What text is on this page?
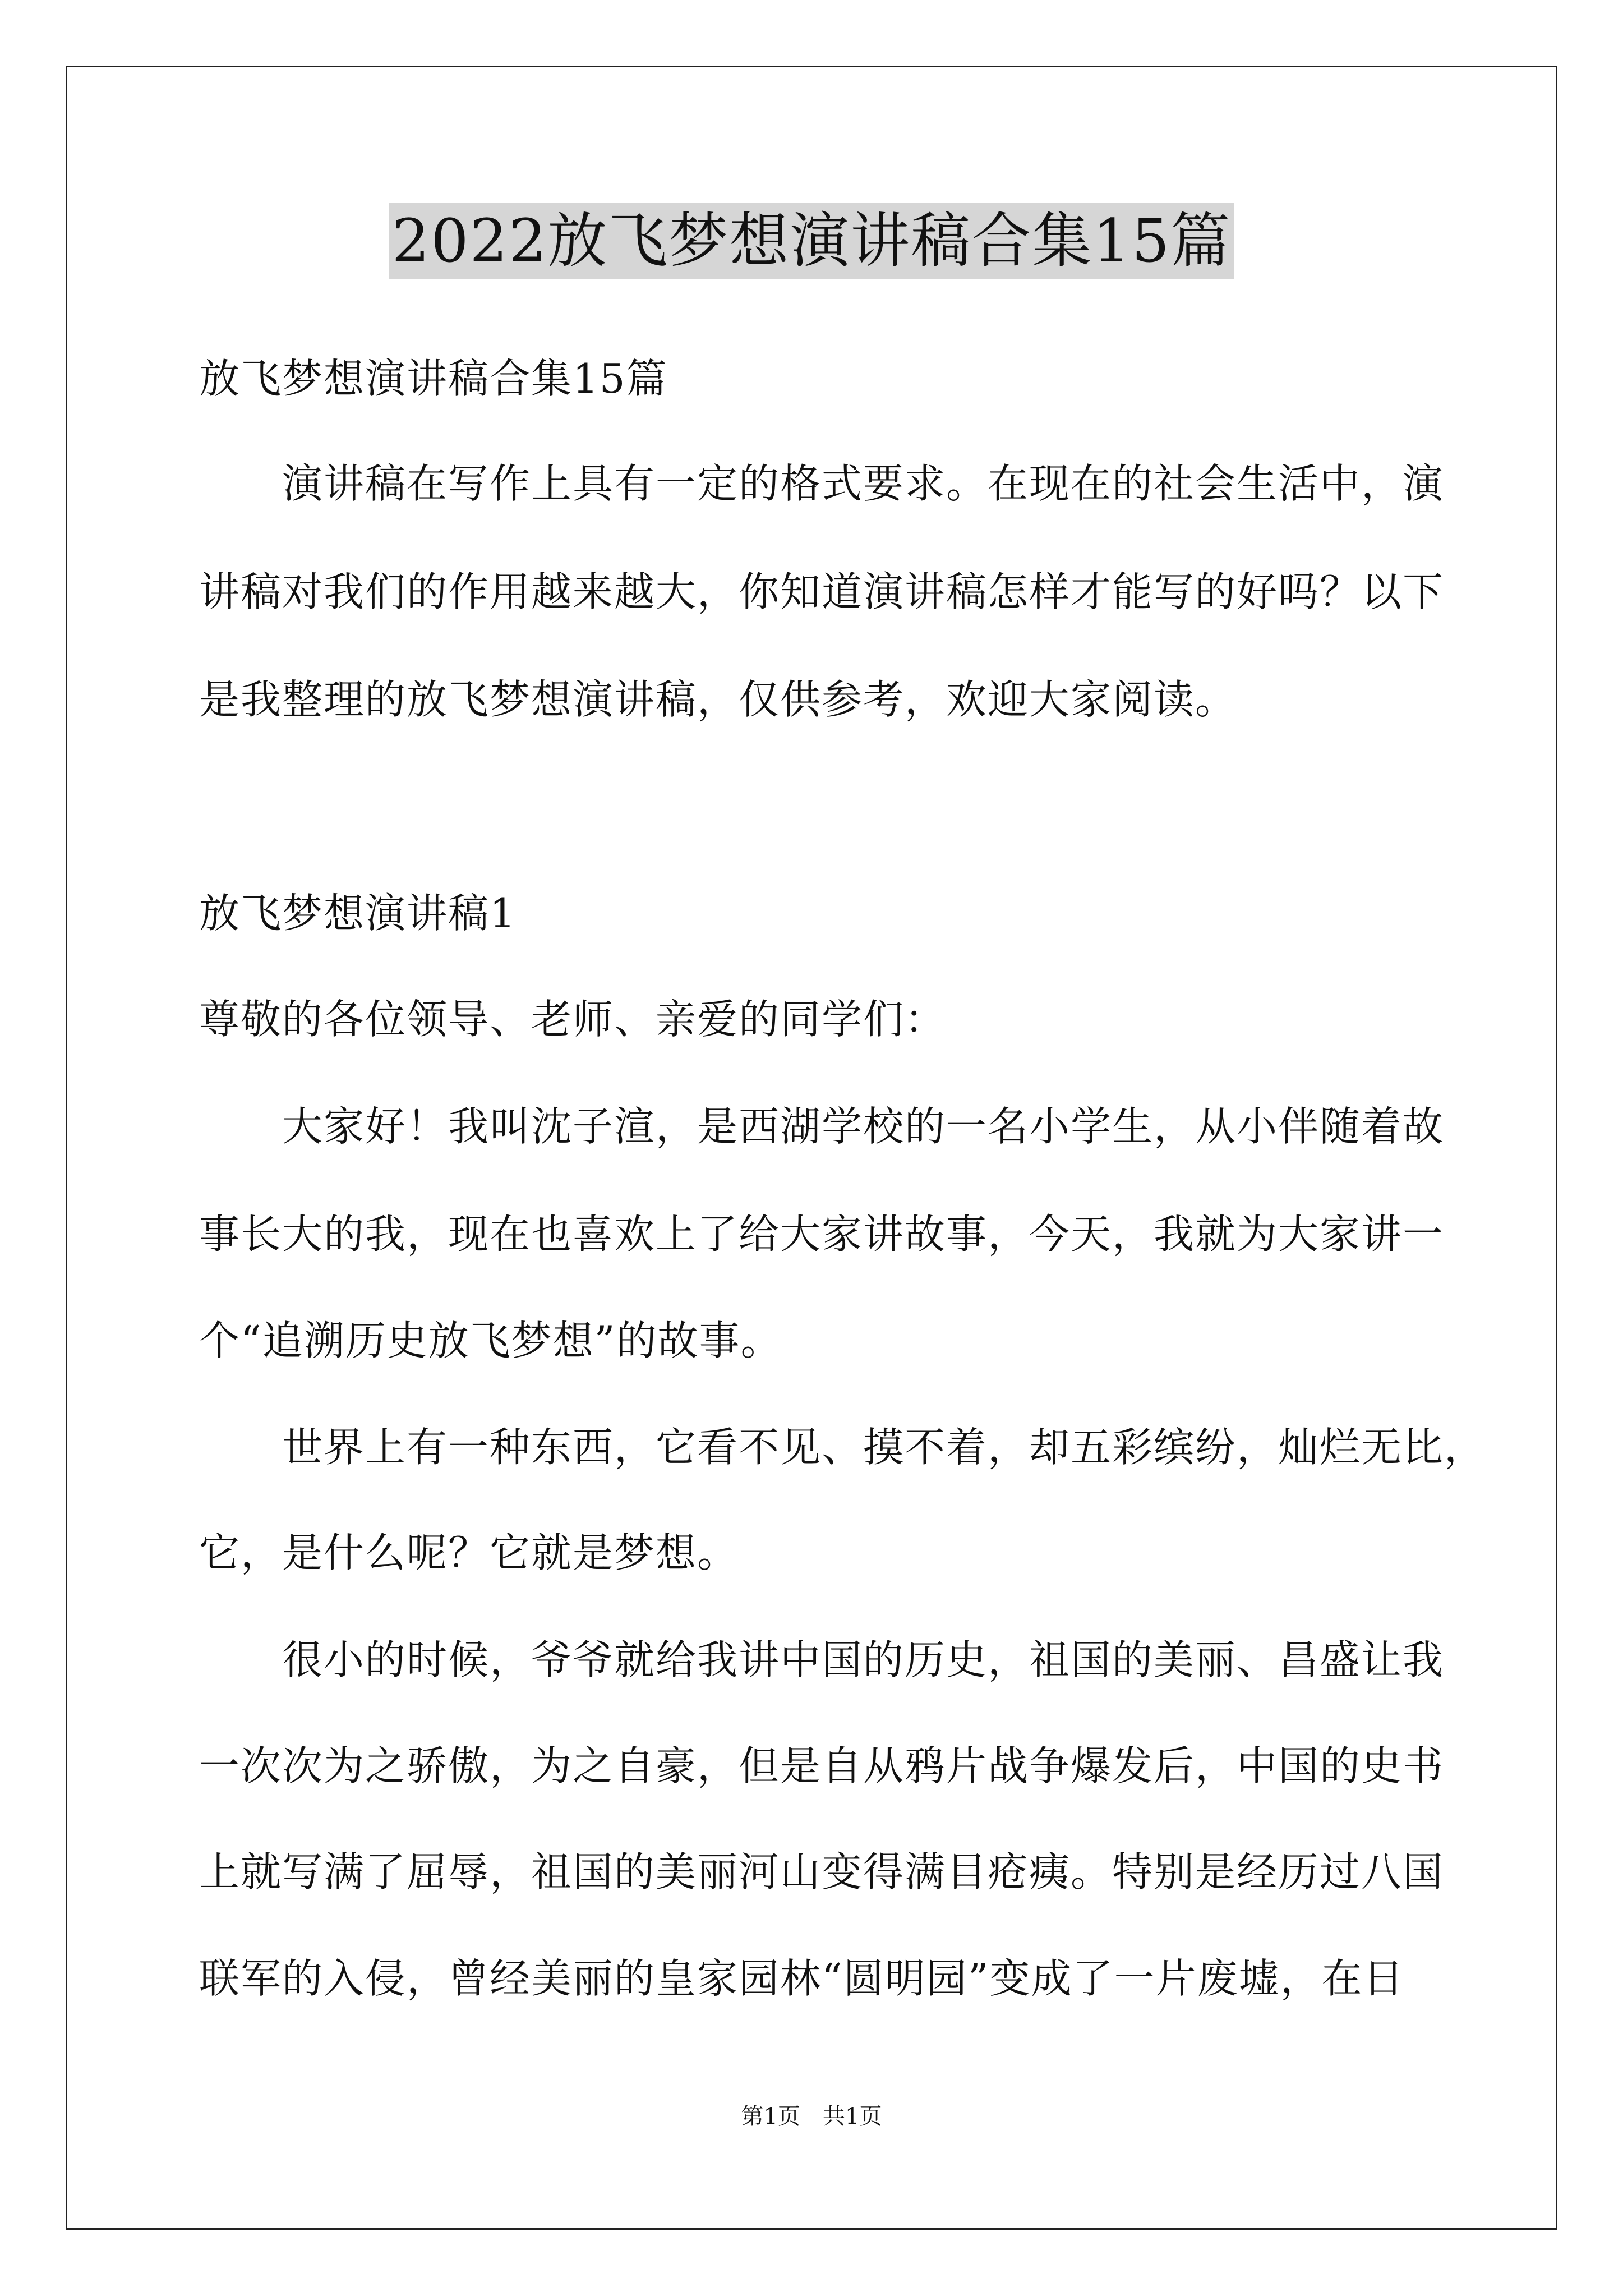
2022放飞梦想演讲稿合集15篇
放飞梦想演讲稿合集15篇
　　演讲稿在写作上具有一定的格式要求。在现在的社会生活中，演
讲稿对我们的作用越来越大，你知道演讲稿怎样才能写的好吗？以下
是我整理的放飞梦想演讲稿，仅供参考，欢迎大家阅读。
放飞梦想演讲稿1
尊敬的各位领导、老师、亲爱的同学们：
　　大家好！我叫沈子渲，是西湖学校的一名小学生，从小伴随着故
事长大的我，现在也喜欢上了给大家讲故事，今天，我就为大家讲一
个“追溯历史放飞梦想”的故事。
　　世界上有一种东西，它看不见、摸不着，却五彩缤纷，灿烂无比，
它，是什么呢？它就是梦想。
　　很小的时候，爷爷就给我讲中国的历史，祖国的美丽、昌盛让我
一次次为之骄傲，为之自豪，但是自从鸦片战争爆发后，中国的史书
上就写满了屈辱，祖国的美丽河山变得满目疮痍。特别是经历过八国
联军的入侵，曾经美丽的皇家园林“圆明园”变成了一片废墟，在日
第1页　共1页
